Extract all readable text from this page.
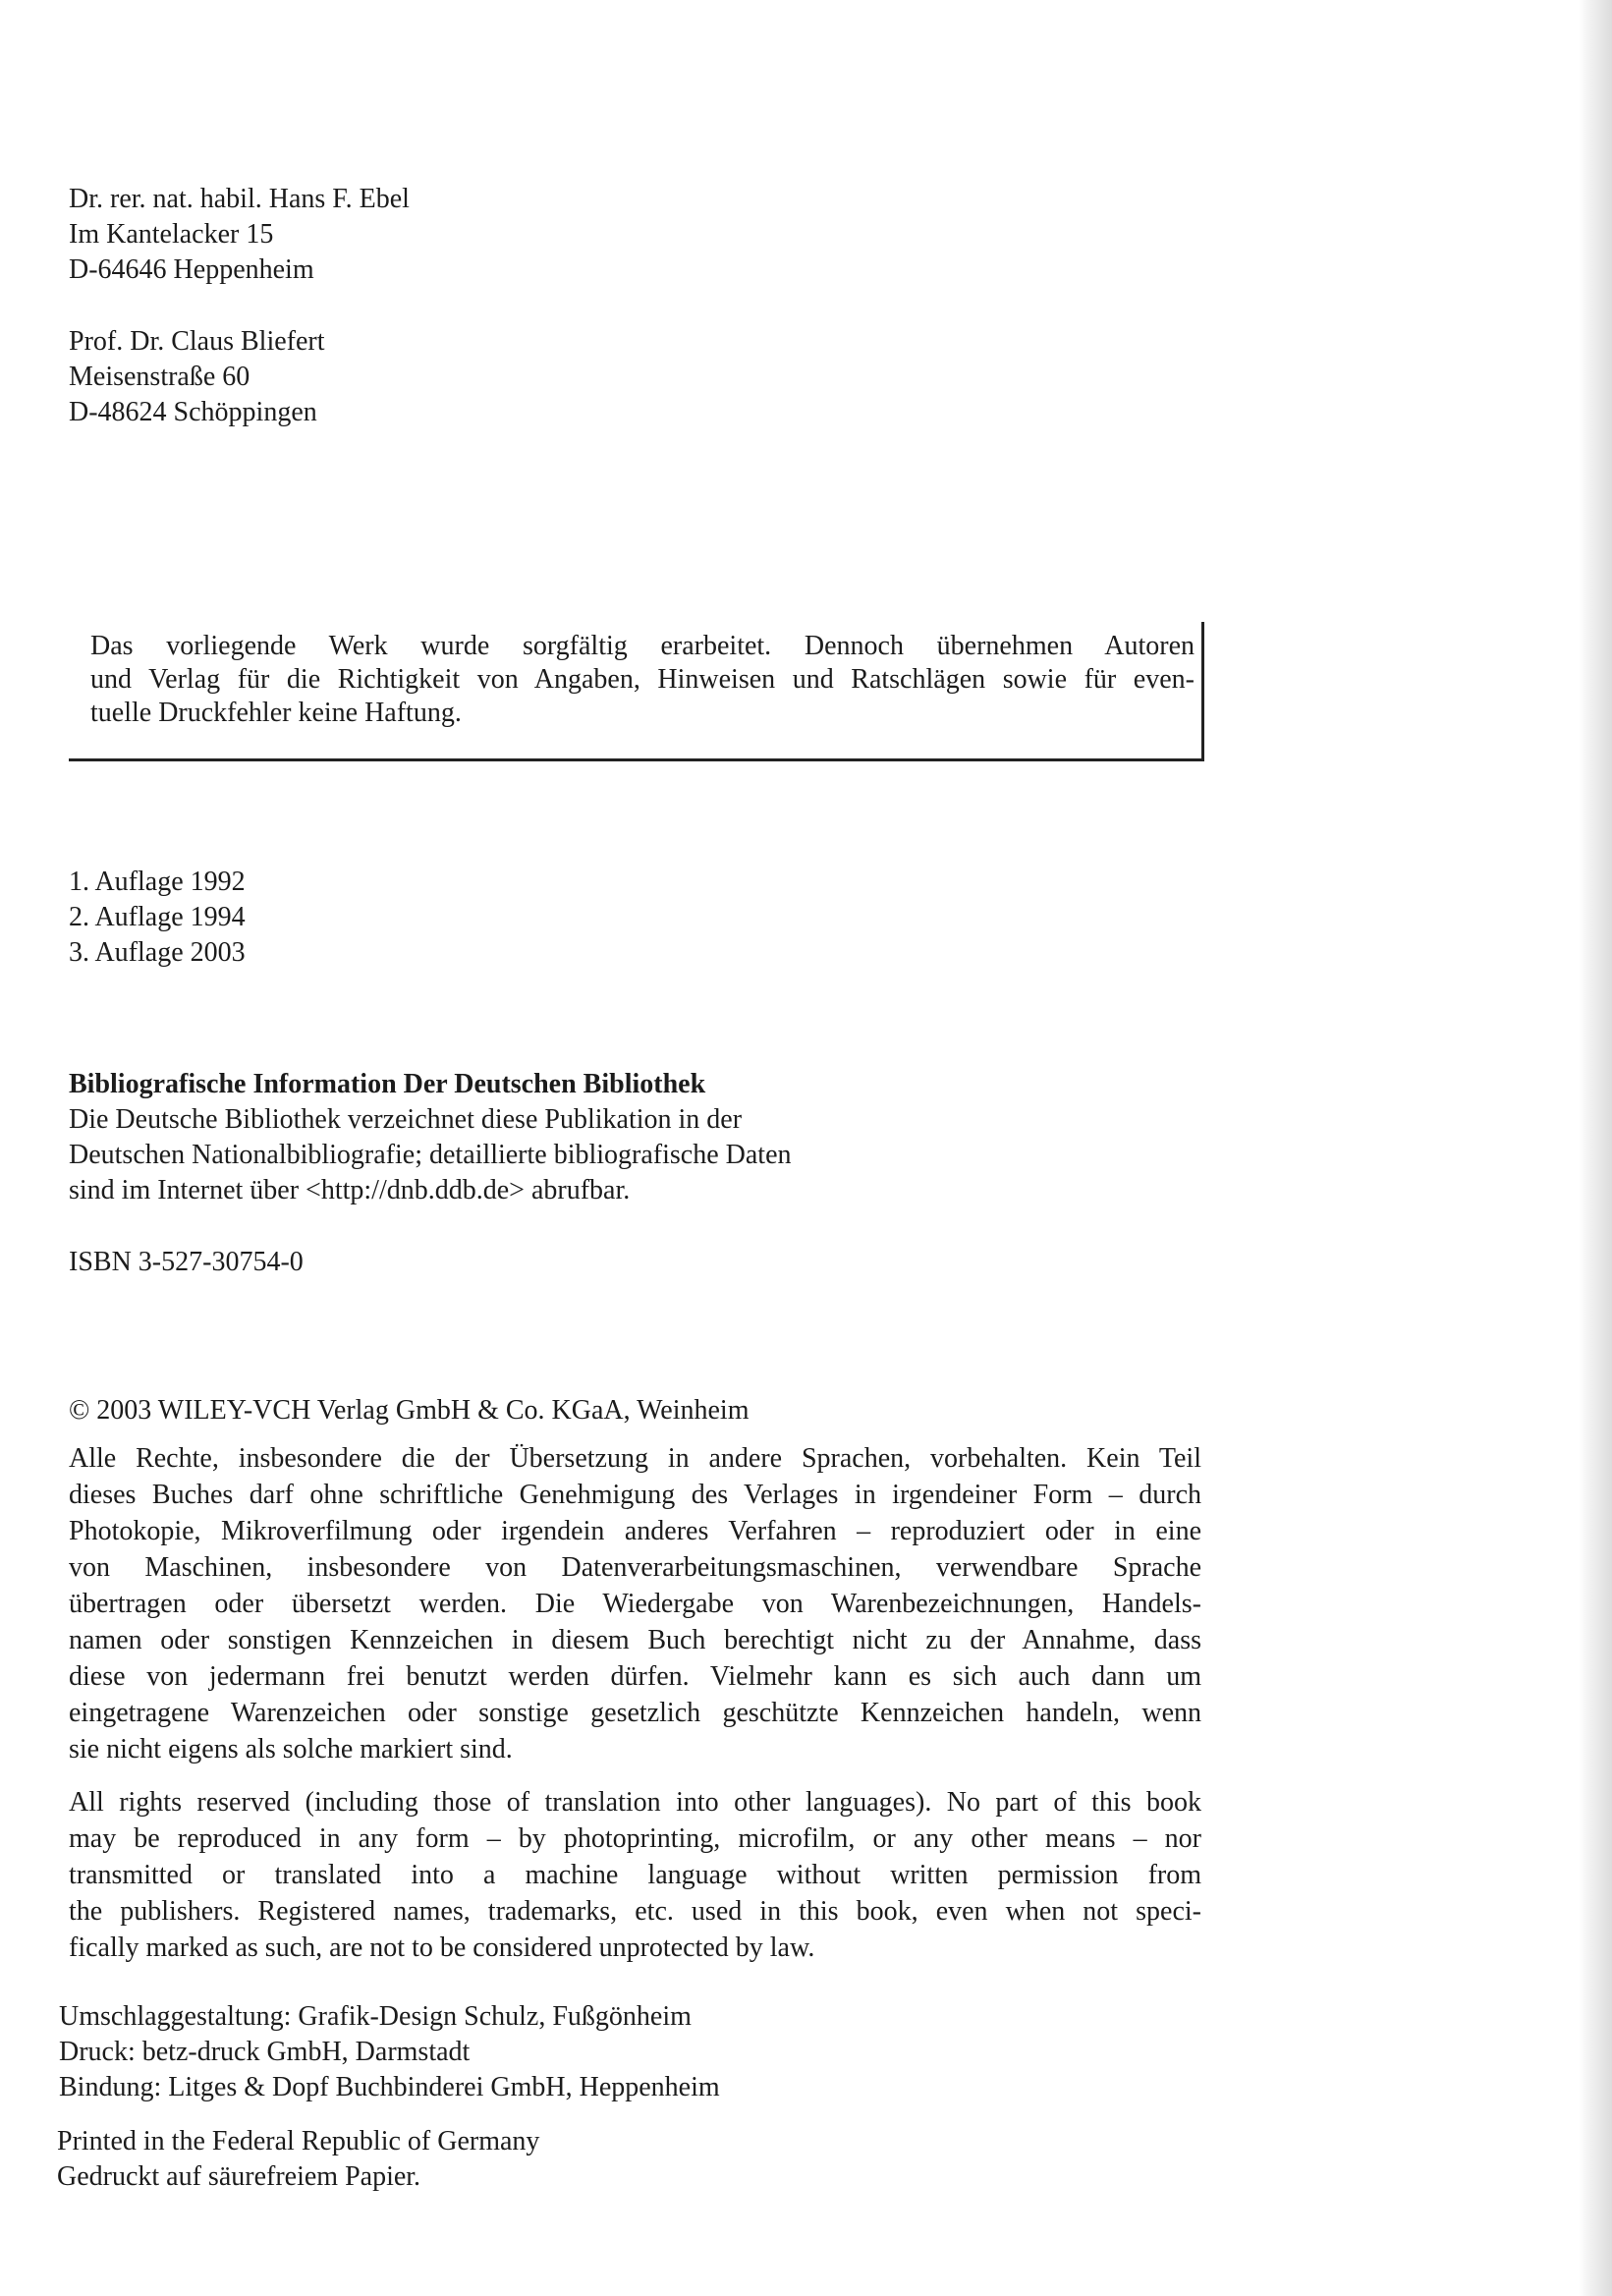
Dr. rer. nat. habil. Hans F. Ebel
Im Kantelacker 15
D-64646 Heppenheim
Prof. Dr. Claus Bliefert
Meisenstraße 60
D-48624 Schöppingen
Das vorliegende Werk wurde sorgfältig erarbeitet. Dennoch übernehmen Autoren
und Verlag für die Richtigkeit von Angaben, Hinweisen und Ratschlägen sowie für even-
tuelle Druckfehler keine Haftung.
1. Auflage 1992
2. Auflage 1994
3. Auflage 2003
Bibliografische Information Der Deutschen Bibliothek
Die Deutsche Bibliothek verzeichnet diese Publikation in der
Deutschen Nationalbibliografie; detaillierte bibliografische Daten
sind im Internet über <http://dnb.ddb.de> abrufbar.
ISBN 3-527-30754-0
© 2003 WILEY-VCH Verlag GmbH & Co. KGaA, Weinheim
Alle Rechte, insbesondere die der Übersetzung in andere Sprachen, vorbehalten. Kein Teil
dieses Buches darf ohne schriftliche Genehmigung des Verlages in irgendeiner Form – durch
Photokopie, Mikroverfilmung oder irgendein anderes Verfahren – reproduziert oder in eine
von Maschinen, insbesondere von Datenverarbeitungsmaschinen, verwendbare Sprache
übertragen oder übersetzt werden. Die Wiedergabe von Warenbezeichnungen, Handels-
namen oder sonstigen Kennzeichen in diesem Buch berechtigt nicht zu der Annahme, dass
diese von jedermann frei benutzt werden dürfen. Vielmehr kann es sich auch dann um
eingetragene Warenzeichen oder sonstige gesetzlich geschützte Kennzeichen handeln, wenn
sie nicht eigens als solche markiert sind.
All rights reserved (including those of translation into other languages). No part of this book
may be reproduced in any form – by photoprinting, microfilm, or any other means – nor
transmitted or translated into a machine language without written permission from
the publishers. Registered names, trademarks, etc. used in this book, even when not speci-
fically marked as such, are not to be considered unprotected by law.
Umschlaggestaltung: Grafik-Design Schulz, Fußgönheim
Druck: betz-druck GmbH, Darmstadt
Bindung: Litges & Dopf Buchbinderei GmbH, Heppenheim
Printed in the Federal Republic of Germany
Gedruckt auf säurefreiem Papier.
